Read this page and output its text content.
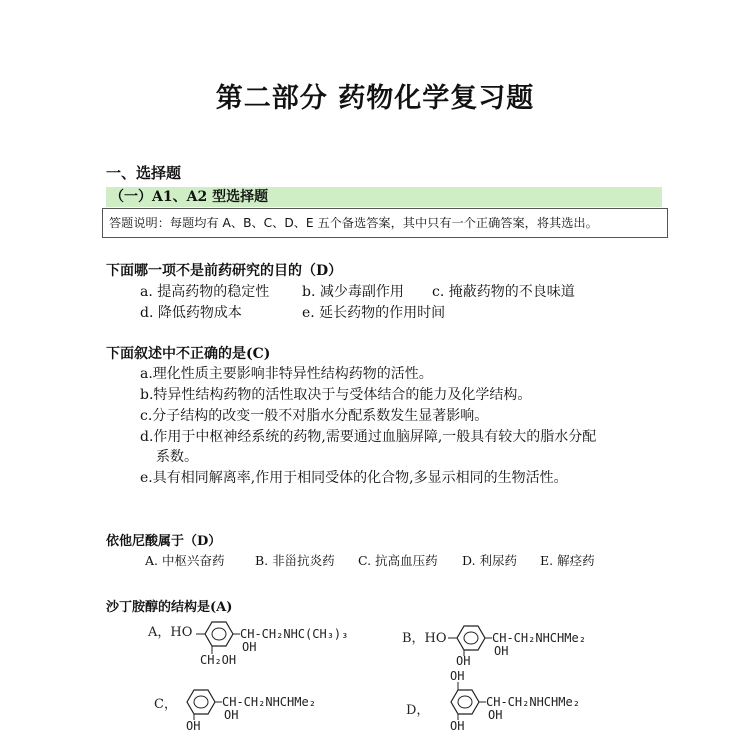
第二部分 药物化学复习题
一、选择题
（一）A1、A2 型选择题
答题说明：每题均有 A、B、C、D、E 五个备选答案，其中只有一个正确答案，将其选出。
下面哪一项不是前药研究的目的（D）
a. 提高药物的稳定性 b. 减少毒副作用 c. 掩蔽药物的不良味道
d. 降低药物成本	e. 延长药物的作用时间
下面叙述中不正确的是(C)
a.理化性质主要影响非特异性结构药物的活性。
b.特异性结构药物的活性取决于与受体结合的能力及化学结构。
c.分子结构的改变一般不对脂水分配系数发生显著影响。
d.作用于中枢神经系统的药物,需要通过血脑屏障,一般具有较大的脂水分配
系数。
e.具有相同解离率,作用于相同受体的化合物,多显示相同的生物活性。
依他尼酸属于（D）
A. 中枢兴奋药 B. 非甾抗炎药 C. 抗高血压药 D. 利尿药 E. 解痉药
沙丁胺醇的结构是(A)
A，HO	CH-CH₂NHC(CH₃)₃
OH
CH₂OH
B，HO	CH-CH₂NHCHMe₂
OH
OH
C，	CH-CH₂NHCHMe₂
OH
OH
D，
OH
CH-CH₂NHCHMe₂
OH
OH
